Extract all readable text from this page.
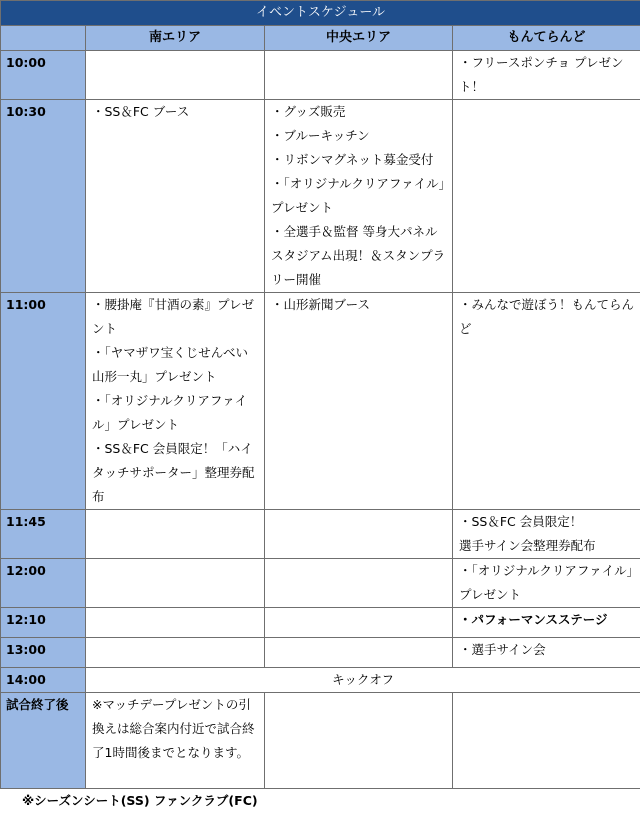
イベントスケジュール			
	南エリア	中央エリア	もんてらんど
10:00			・フリースポンチョ プレゼント！

10:30	・SS＆FC ブース	・グッズ販売
・ブルーキッチン
・リボンマグネット募金受付
・「オリジナルクリアファイル」プレゼント
・全選手＆監督 等身大パネルスタジアム出現！＆スタンプラリー開催	

11:00	・腰掛庵『甘酒の素』プレゼント
・「ヤマザワ宝くじせんべい山形一丸」プレゼント
・「オリジナルクリアファイル」プレゼント
・SS＆FC 会員限定！「ハイタッチサポーター」整理券配布	・山形新聞ブース	・みんなで遊ぼう！もんてらんど

11:45			・SS＆FC 会員限定！
選手サイン会整理券配布

12:00			・「オリジナルクリアファイル」プレゼント

12:10			・パフォーマンスステージ

13:00			・選手サイン会

14:00	キックオフ		
試合終了後	※マッチデープレゼントの引換えは総合案内付近で試合終了1時間後までとなります。		

※シーズンシート(SS) ファンクラブ(FC)
